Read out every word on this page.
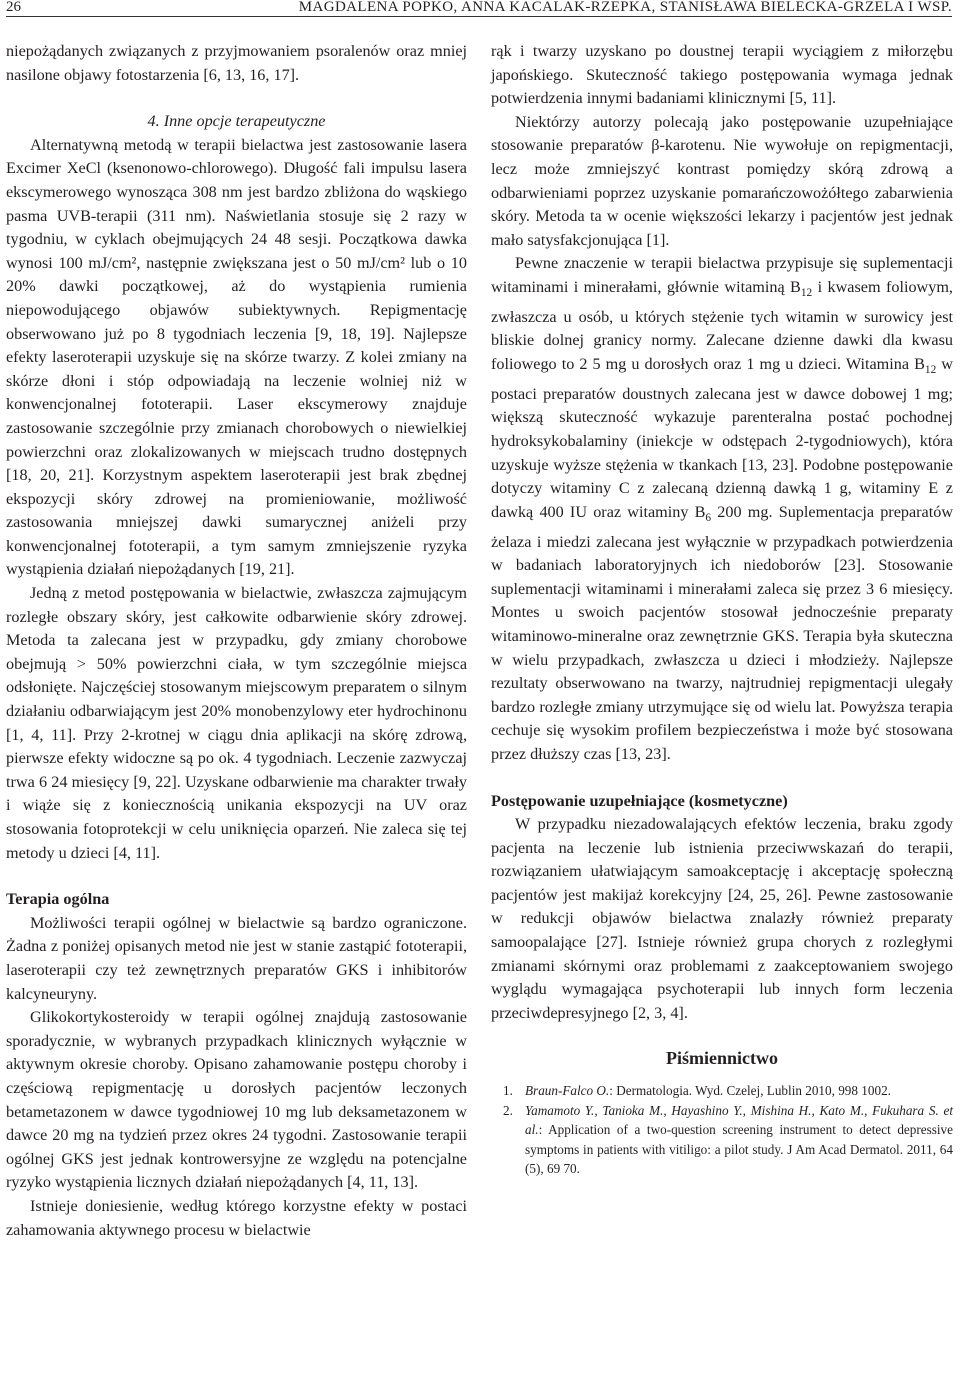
26	MAGDALENA POPKO, ANNA KACALAK-RZEPKA, STANISŁAWA BIELECKA-GRZELA I WSP.

niepożądanych związanych z przyjmowaniem psoralenów oraz mniej nasilone objawy fotostarzenia [6, 13, 16, 17].

4. Inne opcje terapeutyczne

Alternatywną metodą w terapii bielactwa jest zastosowanie lasera Excimer XeCl (ksenonowo-chlorowego). Długość fali impulsu lasera ekscymerowego wynosząca 308 nm jest bardzo zbliżona do wąskiego pasma UVB-terapii (311 nm). Naświetlania stosuje się 2 razy w tygodniu, w cyklach obejmujących 24 48 sesji. Początkowa dawka wynosi 100 mJ/cm², następnie zwiększana jest o 50 mJ/cm² lub o 10 20% dawki początkowej, aż do wystąpienia rumienia niepowodującego objawów subiektywnych. Repigmentację obserwowano już po 8 tygodniach leczenia [9, 18, 19]. Najlepsze efekty laseroterapii uzyskuje się na skórze twarzy. Z kolei zmiany na skórze dłoni i stóp odpowiadają na leczenie wolniej niż w konwencjonalnej fototerapii. Laser ekscymerowy znajduje zastosowanie szczególnie przy zmianach chorobowych o niewielkiej powierzchni oraz zlokalizowanych w miejscach trudno dostępnych [18, 20, 21]. Korzystnym aspektem laseroterapii jest brak zbędnej ekspozycji skóry zdrowej na promieniowanie, możliwość zastosowania mniejszej dawki sumarycznej aniżeli przy konwencjonalnej fototerapii, a tym samym zmniejszenie ryzyka wystąpienia działań niepożądanych [19, 21].

Jedną z metod postępowania w bielactwie, zwłaszcza zajmującym rozległe obszary skóry, jest całkowite odbarwienie skóry zdrowej. Metoda ta zalecana jest w przypadku, gdy zmiany chorobowe obejmują > 50% powierzchni ciała, w tym szczególnie miejsca odsłonięte. Najczęściej stosowanym miejscowym preparatem o silnym działaniu odbarwiającym jest 20% monobenzylowy eter hydrochinonu [1, 4, 11]. Przy 2-krotnej w ciągu dnia aplikacji na skórę zdrową, pierwsze efekty widoczne są po ok. 4 tygodniach. Leczenie zazwyczaj trwa 6 24 miesięcy [9, 22]. Uzyskane odbarwienie ma charakter trwały i wiąże się z koniecznością unikania ekspozycji na UV oraz stosowania fotoprotekcji w celu uniknięcia oparzeń. Nie zaleca się tej metody u dzieci [4, 11].

Terapia ogólna

Możliwości terapii ogólnej w bielactwie są bardzo ograniczone. Żadna z poniżej opisanych metod nie jest w stanie zastąpić fototerapii, laseroterapii czy też zewnętrznych preparatów GKS i inhibitorów kalcyneuryny.

Glikokortykosteroidy w terapii ogólnej znajdują zastosowanie sporadycznie, w wybranych przypadkach klinicznych wyłącznie w aktywnym okresie choroby. Opisano zahamowanie postępu choroby i częściową repigmentację u dorosłych pacjentów leczonych betametazonem w dawce tygodniowej 10 mg lub deksametazonem w dawce 20 mg na tydzień przez okres 24 tygodni. Zastosowanie terapii ogólnej GKS jest jednak kontrowersyjne ze względu na potencjalne ryzyko wystąpienia licznych działań niepożądanych [4, 11, 13].

Istnieje doniesienie, według którego korzystne efekty w postaci zahamowania aktywnego procesu w bielactwie

rąk i twarzy uzyskano po doustnej terapii wyciągiem z miłorzębu japońskiego. Skuteczność takiego postępowania wymaga jednak potwierdzenia innymi badaniami klinicznymi [5, 11].

Niektórzy autorzy polecają jako postępowanie uzupełniające stosowanie preparatów β-karotenu. Nie wywołuje on repigmentacji, lecz może zmniejszyć kontrast pomiędzy skórą zdrową a odbarwieniami poprzez uzyskanie pomarańczowożółtego zabarwienia skóry. Metoda ta w ocenie większości lekarzy i pacjentów jest jednak mało satysfakcjonująca [1].

Pewne znaczenie w terapii bielactwa przypisuje się suplementacji witaminami i minerałami, głównie witaminą $B_{12}$ i kwasem foliowym, zwłaszcza u osób, u których stężenie tych witamin w surowicy jest bliskie dolnej granicy normy. Zalecane dzienne dawki dla kwasu foliowego to 2 5 mg u dorosłych oraz 1 mg u dzieci. Witamina $B_{12}$ w postaci preparatów doustnych zalecana jest w dawce dobowej 1 mg; większą skuteczność wykazuje parenteralna postać pochodnej hydroksykobalaminy (iniekcje w odstępach 2-tygodniowych), która uzyskuje wyższe stężenia w tkankach [13, 23]. Podobne postępowanie dotyczy witaminy C z zalecaną dzienną dawką 1 g, witaminy E z dawką 400 IU oraz witaminy $B_6$ 200 mg. Suplementacja preparatów żelaza i miedzi zalecana jest wyłącznie w przypadkach potwierdzenia w badaniach laboratoryjnych ich niedoborów [23]. Stosowanie suplementacji witaminami i minerałami zaleca się przez 3 6 miesięcy. Montes u swoich pacjentów stosował jednocześnie preparaty witaminowo-mineralne oraz zewnętrznie GKS. Terapia była skuteczna w wielu przypadkach, zwłaszcza u dzieci i młodzieży. Najlepsze rezultaty obserwowano na twarzy, najtrudniej repigmentacji ulegały bardzo rozległe zmiany utrzymujące się od wielu lat. Powyższa terapia cechuje się wysokim profilem bezpieczeństwa i może być stosowana przez dłuższy czas [13, 23].

Postępowanie uzupełniające (kosmetyczne)

W przypadku niezadowalających efektów leczenia, braku zgody pacjenta na leczenie lub istnienia przeciwwskazań do terapii, rozwiązaniem ułatwiającym samoakceptację i akceptację społeczną pacjentów jest makijaż korekcyjny [24, 25, 26]. Pewne zastosowanie w redukcji objawów bielactwa znalazły również preparaty samoopalające [27]. Istnieje również grupa chorych z rozległymi zmianami skórnymi oraz problemami z zaakceptowaniem swojego wyglądu wymagająca psychoterapii lub innych form leczenia przeciwdepresyjnego [2, 3, 4].

Piśmiennictwo
1. Braun-Falco O.: Dermatologia. Wyd. Czelej, Lublin 2010, 998 1002.
2. Yamamoto Y., Tanioka M., Hayashino Y., Mishina H., Kato M., Fukuhara S. et al.: Application of a two-question screening instrument to detect depressive symptoms in patients with vitiligo: a pilot study. J Am Acad Dermatol. 2011, 64 (5), 69 70.
